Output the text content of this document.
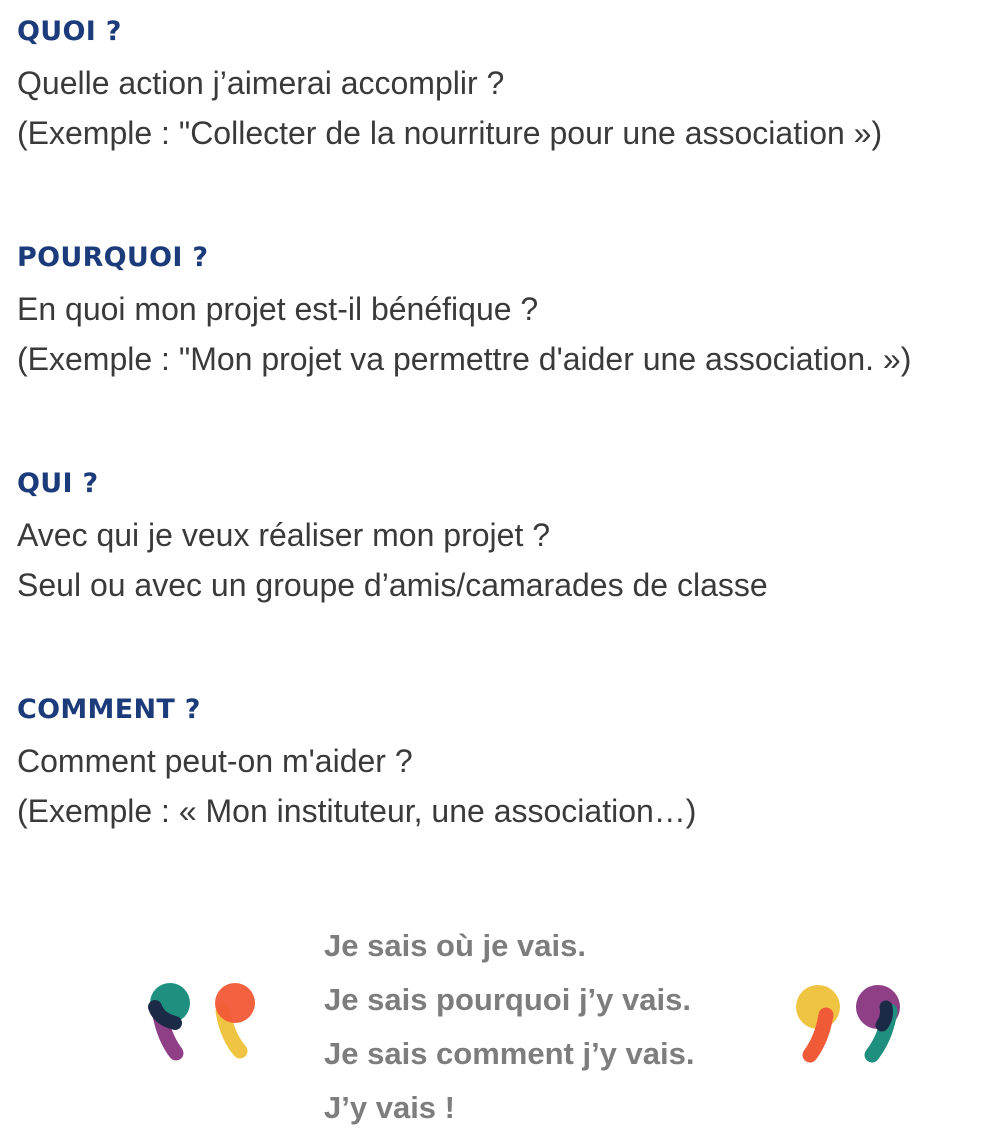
QUOI ?

Quelle action j’aimerai accomplir ?

(Exemple : "Collecter de la nourriture pour une association »)

POURQUOI ?

En quoi mon projet est-il bénéfique ?

(Exemple : "Mon projet va permettre d'aider une association. »)

QUI ?

Avec qui je veux réaliser mon projet ?

Seul ou avec un groupe d’amis/camarades de classe

COMMENT ?

Comment peut-on m'aider ?

(Exemple : « Mon instituteur, une association…)

Je sais où je vais.

Je sais pourquoi j’y vais.

Je sais comment j’y vais.

J’y vais !
